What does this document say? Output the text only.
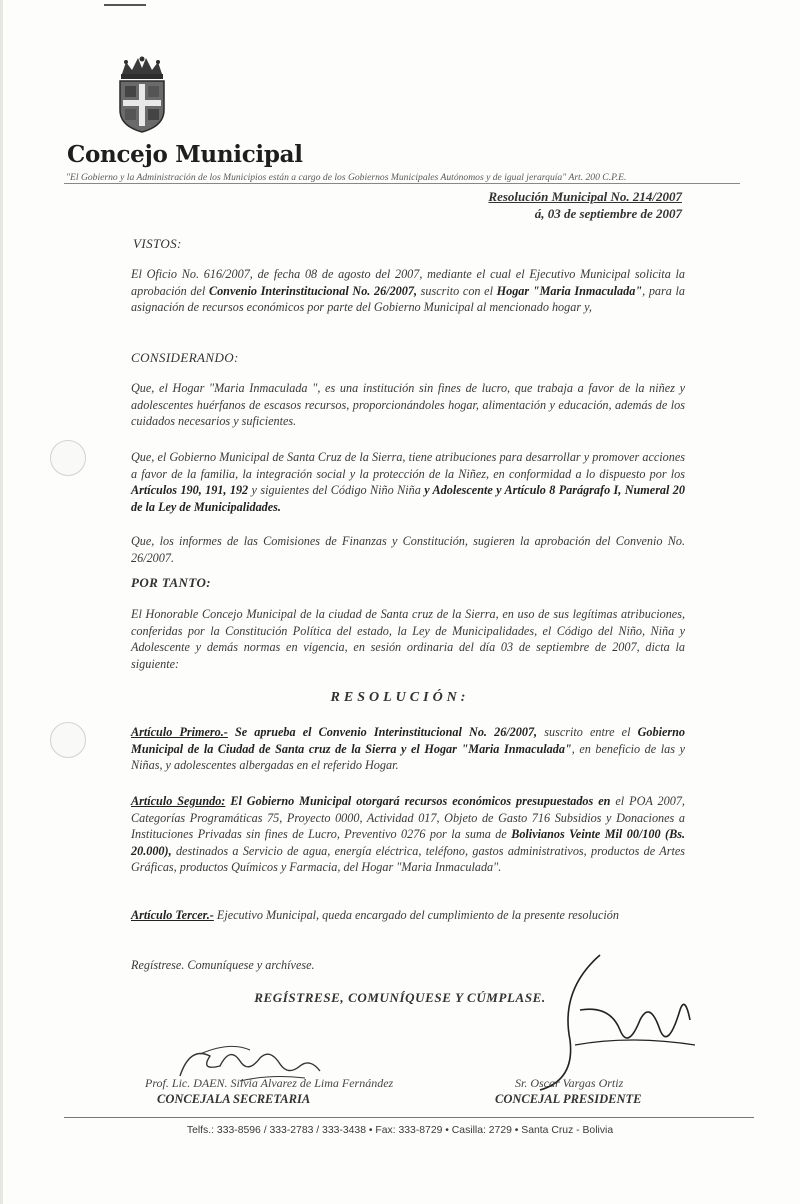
Concejo Municipal
"El Gobierno y la Administración de los Municipios están a cargo de los Gobiernos Municipales Autónomos y de igual jerarquía" Art. 200 C.P.E.
Resolución Municipal No. 214/2007
á, 03 de septiembre de 2007
VISTOS:

El Oficio No. 616/2007, de fecha 08 de agosto del 2007, mediante el cual el Ejecutivo Municipal solicita la aprobación del Convenio Interinstitucional No. 26/2007, suscrito con el Hogar "Maria Inmaculada", para la asignación de recursos económicos por parte del Gobierno Municipal al mencionado hogar y,

CONSIDERANDO:

Que, el Hogar "Maria Inmaculada ", es una institución sin fines de lucro, que trabaja a favor de la niñez y adolescentes huérfanos de escasos recursos, proporcionándoles hogar, alimentación y educación, además de los cuidados necesarios y suficientes.

Que, el Gobierno Municipal de Santa Cruz de la Sierra, tiene atribuciones para desarrollar y promover acciones a favor de la familia, la integración social y la protección de la Niñez, en conformidad a lo dispuesto por los Artículos 190, 191, 192 y siguientes del Código Niño Niña y Adolescente y Artículo 8 Parágrafo I, Numeral 20 de la Ley de Municipalidades.

Que, los informes de las Comisiones de Finanzas y Constitución, sugieren la aprobación del Convenio No. 26/2007.

POR TANTO:

El Honorable Concejo Municipal de la ciudad de Santa cruz de la Sierra, en uso de sus legítimas atribuciones, conferidas por la Constitución Política del estado, la Ley de Municipalidades, el Código del Niño, Niña y Adolescente y demás normas en vigencia, en sesión ordinaria del día 03 de septiembre de 2007, dicta la siguiente:

RESOLUCIÓN:

Artículo Primero.- Se aprueba el Convenio Interinstitucional No. 26/2007, suscrito entre el Gobierno Municipal de la Ciudad de Santa cruz de la Sierra y el Hogar "Maria Inmaculada", en beneficio de las y Niñas, y adolescentes albergadas en el referido Hogar.

Artículo Segundo: El Gobierno Municipal otorgará recursos económicos presupuestados en el POA 2007, Categorías Programáticas 75, Proyecto 0000, Actividad 017, Objeto de Gasto 716 Subsidios y Donaciones a Instituciones Privadas sin fines de Lucro, Preventivo 0276 por la suma de Bolivianos Veinte Mil 00/100 (Bs. 20.000), destinados a Servicio de agua, energía eléctrica, teléfono, gastos administrativos, productos de Artes Gráficas, productos Químicos y Farmacia, del Hogar "Maria Inmaculada".

Artículo Tercer.- Ejecutivo Municipal, queda encargado del cumplimiento de la presente resolución

Regístrese. Comuníquese y archívese.

REGÍSTRESE, COMUNÍQUESE Y CÚMPLASE.
Prof. Lic. DAEN. Silvia Alvarez de Lima Fernández
CONCEJALA SECRETARIA
Sr. Oscar Vargas Ortiz
CONCEJAL PRESIDENTE
Telfs.: 333-8596 / 333-2783 / 333-3438 • Fax: 333-8729 • Casilla: 2729 • Santa Cruz - Bolivia
